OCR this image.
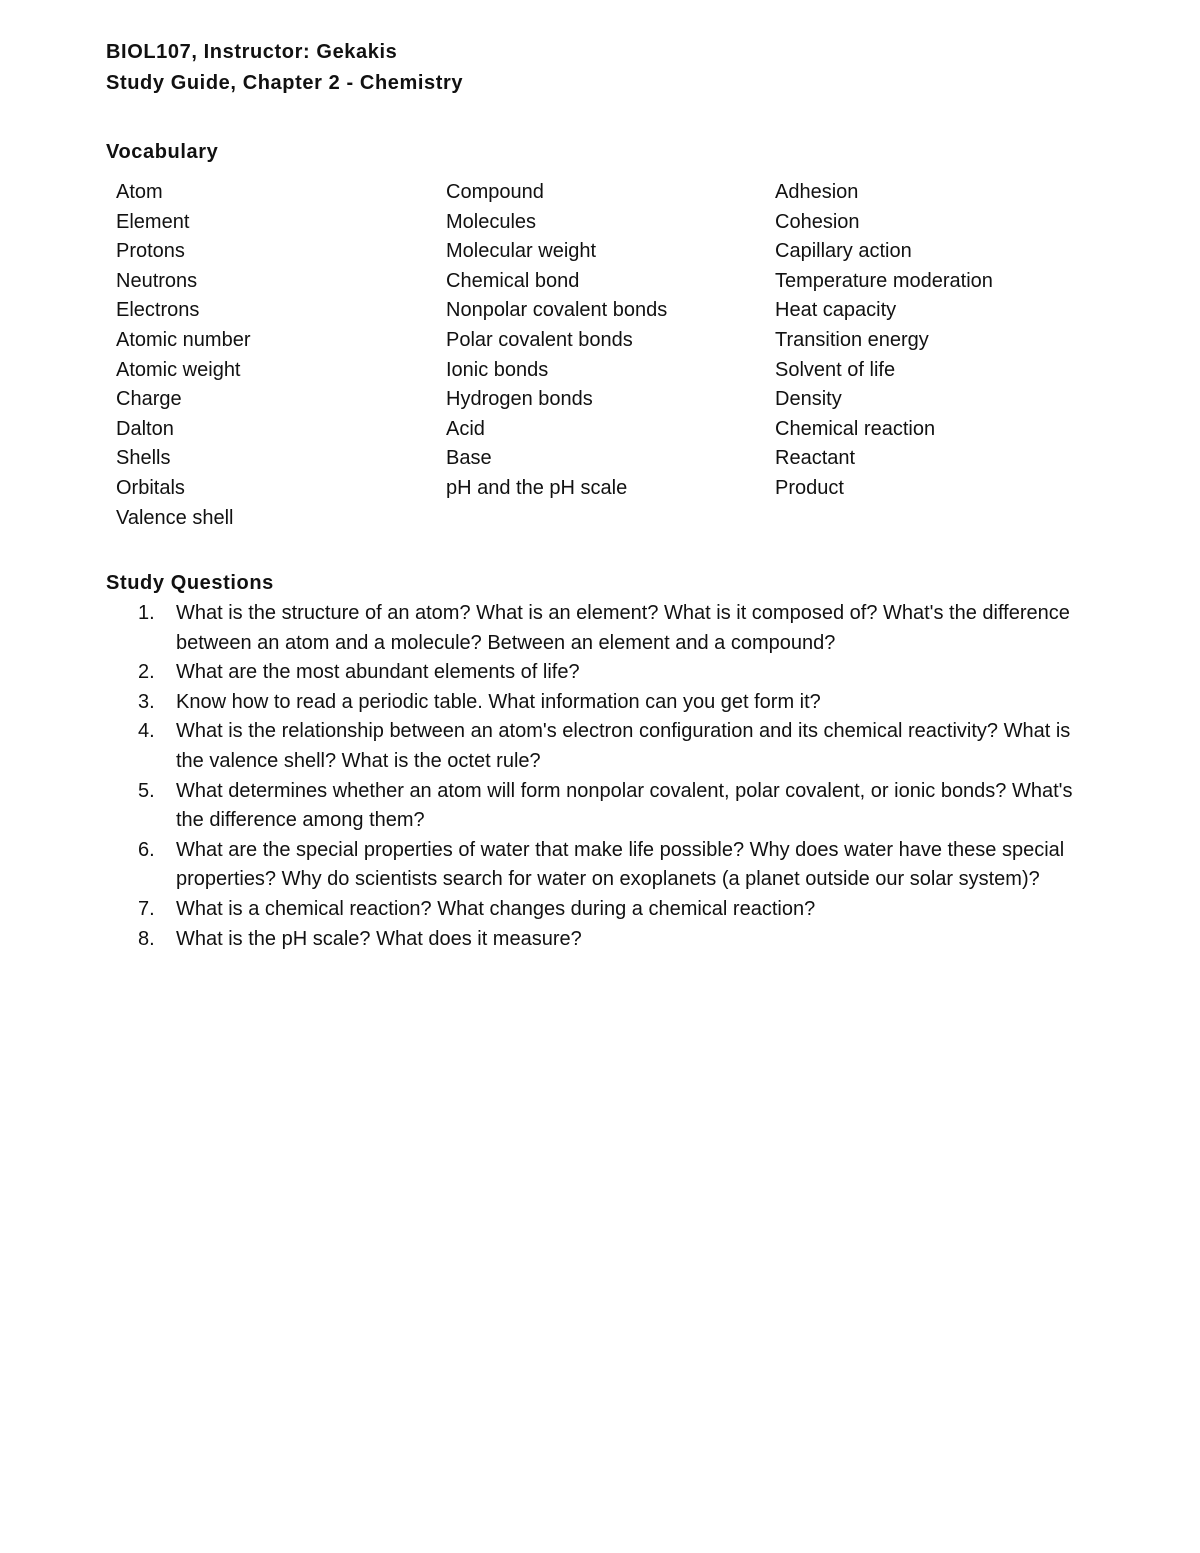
BIOL107, Instructor: Gekakis
Study Guide, Chapter 2 - Chemistry
Vocabulary
Atom
Element
Protons
Neutrons
Electrons
Atomic number
Atomic weight
Charge
Dalton
Shells
Orbitals
Valence shell
Compound
Molecules
Molecular weight
Chemical bond
Nonpolar covalent bonds
Polar covalent bonds
Ionic bonds
Hydrogen bonds
Acid
Base
pH and the pH scale
Adhesion
Cohesion
Capillary action
Temperature moderation
Heat capacity
Transition energy
Solvent of life
Density
Chemical reaction
Reactant
Product
Study Questions
1.	What is the structure of an atom? What is an element? What is it composed of? What's the difference between an atom and a molecule? Between an element and a compound?
2.	What are the most abundant elements of life?
3.	Know how to read a periodic table. What information can you get form it?
4.	What is the relationship between an atom's electron configuration and its chemical reactivity? What is the valence shell? What is the octet rule?
5.	What determines whether an atom will form nonpolar covalent, polar covalent, or ionic bonds? What's the difference among them?
6.	What are the special properties of water that make life possible? Why does water have these special properties? Why do scientists search for water on exoplanets (a planet outside our solar system)?
7.	What is a chemical reaction? What changes during a chemical reaction?
8.	What is the pH scale? What does it measure?
